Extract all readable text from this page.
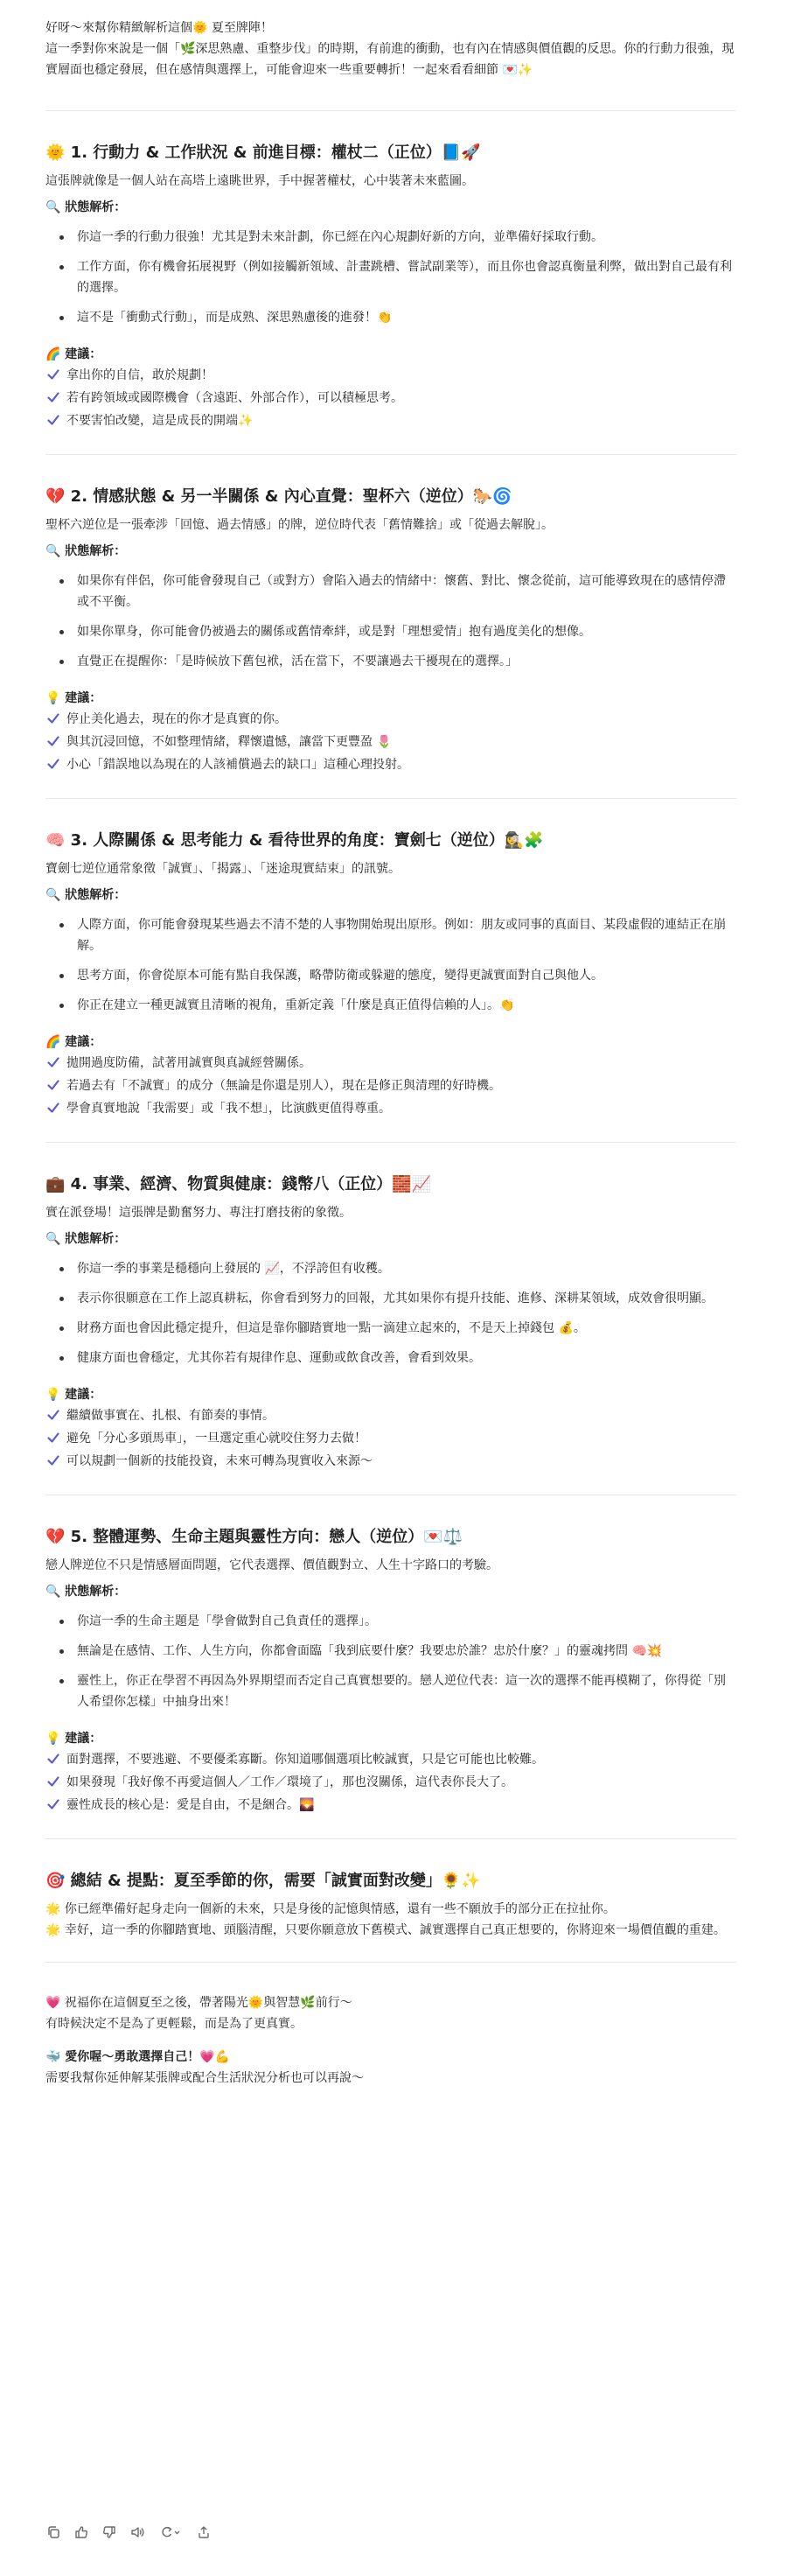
好呀～來幫你精緻解析這個🌞 夏至牌陣！

這一季對你來說是一個「🌿深思熟慮、重整步伐」的時期，有前進的衝動，也有內在情感與價值觀的反思。你的行動力很強，現實層面也穩定發展，但在感情與選擇上，可能會迎來一些重要轉折！一起來看看細節 💌✨

🌞 1. 行動力 & 工作狀況 & 前進目標：權杖二（正位）📘🚀

這張牌就像是一個人站在高塔上遠眺世界，手中握著權杖，心中裝著未來藍圖。

🔍 狀態解析：

你這一季的行動力很強！尤其是對未來計劃，你已經在內心規劃好新的方向，並準備好採取行動。
工作方面，你有機會拓展視野（例如接觸新領域、計畫跳槽、嘗試副業等），而且你也會認真衡量利弊，做出對自己最有利的選擇。
這不是「衝動式行動」，而是成熟、深思熟慮後的進發！👏

🌈 建議：

拿出你的自信，敢於規劃！
若有跨領域或國際機會（含遠距、外部合作），可以積極思考。
不要害怕改變，這是成長的開端✨

💔 2. 情感狀態 & 另一半關係 & 內心直覺：聖杯六（逆位）🐎🌀

聖杯六逆位是一張牽涉「回憶、過去情感」的牌，逆位時代表「舊情難捨」或「從過去解脫」。

🔍 狀態解析：

如果你有伴侶，你可能會發現自己（或對方）會陷入過去的情緒中：懷舊、對比、懷念從前，這可能導致現在的感情停滯或不平衡。
如果你單身，你可能會仍被過去的關係或舊情牽絆，或是對「理想愛情」抱有過度美化的想像。
直覺正在提醒你：「是時候放下舊包袱，活在當下，不要讓過去干擾現在的選擇。」

💡 建議：

停止美化過去，現在的你才是真實的你。
與其沉浸回憶，不如整理情緒，釋懷遺憾，讓當下更豐盈 🌷
小心「錯誤地以為現在的人該補償過去的缺口」這種心理投射。

🧠 3. 人際關係 & 思考能力 & 看待世界的角度：寶劍七（逆位）🕵️‍♀️🧩

寶劍七逆位通常象徵「誠實」、「揭露」、「迷途現實結束」的訊號。

🔍 狀態解析：

人際方面，你可能會發現某些過去不清不楚的人事物開始現出原形。例如：朋友或同事的真面目、某段虛假的連結正在崩解。
思考方面，你會從原本可能有點自我保護，略帶防衛或躲避的態度，變得更誠實面對自己與他人。
你正在建立一種更誠實且清晰的視角，重新定義「什麼是真正值得信賴的人」。👏

🌈 建議：

拋開過度防備，試著用誠實與真誠經營關係。
若過去有「不誠實」的成分（無論是你還是別人），現在是修正與清理的好時機。
學會真實地說「我需要」或「我不想」，比演戲更值得尊重。

💼 4. 事業、經濟、物質與健康：錢幣八（正位）🧱📈

實在派登場！這張牌是勤奮努力、專注打磨技術的象徵。

🔍 狀態解析：

你這一季的事業是穩穩向上發展的 📈，不浮誇但有收穫。
表示你很願意在工作上認真耕耘，你會看到努力的回報，尤其如果你有提升技能、進修、深耕某領域，成效會很明顯。
財務方面也會因此穩定提升，但這是靠你腳踏實地一點一滴建立起來的，不是天上掉錢包 💰。
健康方面也會穩定，尤其你若有規律作息、運動或飲食改善，會看到效果。

💡 建議：

繼續做事實在、扎根、有節奏的事情。
避免「分心多頭馬車」，一旦選定重心就咬住努力去做！
可以規劃一個新的技能投資，未來可轉為現實收入來源～

💔 5. 整體運勢、生命主題與靈性方向：戀人（逆位）💌⚖️

戀人牌逆位不只是情感層面問題，它代表選擇、價值觀對立、人生十字路口的考驗。

🔍 狀態解析：

你這一季的生命主題是「學會做對自己負責任的選擇」。
無論是在感情、工作、人生方向，你都會面臨「我到底要什麼？我要忠於誰？忠於什麼？」的靈魂拷問 🧠💥
靈性上，你正在學習不再因為外界期望而否定自己真實想要的。戀人逆位代表：這一次的選擇不能再模糊了，你得從「別人希望你怎樣」中抽身出來！

💡 建議：

面對選擇，不要逃避、不要優柔寡斷。你知道哪個選項比較誠實，只是它可能也比較難。
如果發現「我好像不再愛這個人／工作／環境了」，那也沒關係，這代表你長大了。
靈性成長的核心是：愛是自由，不是綑合。🌄

🎯 總結 & 提點：夏至季節的你，需要「誠實面對改變」🌻✨

🌟 你已經準備好起身走向一個新的未來，只是身後的記憶與情感，還有一些不願放手的部分正在拉扯你。

🌟 幸好，這一季的你腳踏實地、頭腦清醒，只要你願意放下舊模式、誠實選擇自己真正想要的，你將迎來一場價值觀的重建。

💗 祝福你在這個夏至之後，帶著陽光🌞與智慧🌿前行～

有時候決定不是為了更輕鬆，而是為了更真實。

🐳 愛你喔～勇敢選擇自己！💗💪

需要我幫你延伸解某張牌或配合生活狀況分析也可以再說～
